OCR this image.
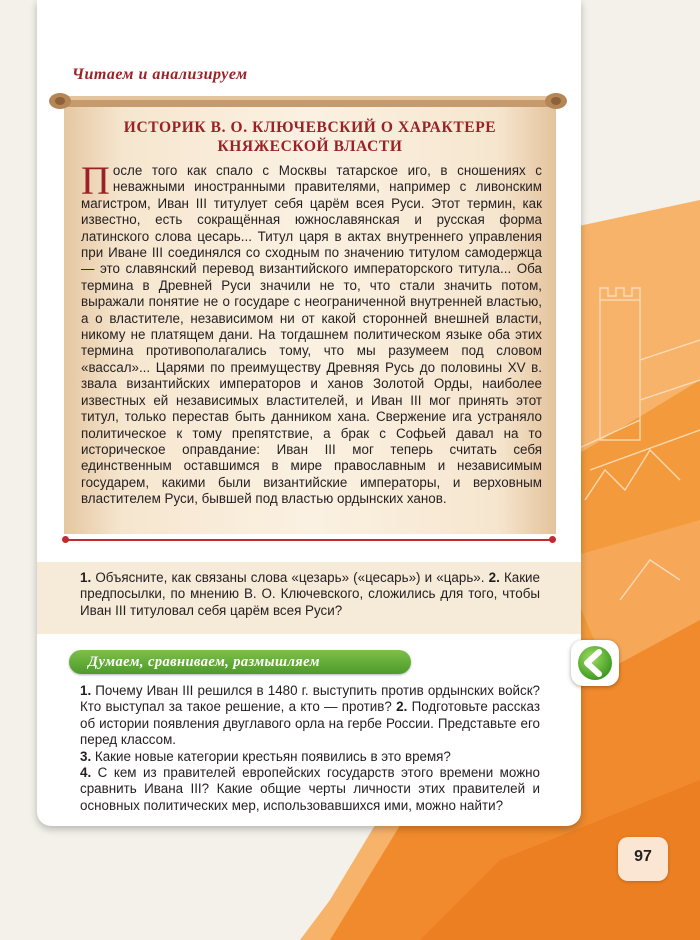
Читаем и анализируем
ИСТОРИК В. О. КЛЮЧЕВСКИЙ О ХАРАКТЕРЕ
КНЯЖЕСКОЙ ВЛАСТИ

После того как спало с Москвы татарское иго, в сношениях с неважными иностранными правителями, например с ливонским магистром, Иван III титулует себя царём всея Руси. Этот термин, как известно, есть сокращённая южнославянская и русская форма латинского слова цесарь... Титул царя в актах внутреннего управления при Иване III соединялся со сходным по значению титулом самодержца — это славянский перевод византийского императорского титула... Оба термина в Древней Руси значили не то, что стали значить потом, выражали понятие не о государе с неограниченной внутренней властью, а о властителе, независимом ни от какой сторонней внешней власти, никому не платящем дани. На тогдашнем политическом языке оба этих термина противополагались тому, что мы разумеем под словом «вассал»... Царями по преимуществу Древняя Русь до половины XV в. звала византийских императоров и ханов Золотой Орды, наиболее известных ей независимых властителей, и Иван III мог принять этот титул, только перестав быть данником хана. Свержение ига устраняло политическое к тому препятствие, а брак с Софьей давал на то историческое оправдание: Иван III мог теперь считать себя единственным оставшимся в мире православным и независимым государем, какими были византийские императоры, и верховным властителем Руси, бывшей под властью ордынских ханов.

1. Объясните, как связаны слова «цезарь» («цесарь») и «царь». 2. Какие предпосылки, по мнению В. О. Ключевского, сложились для того, чтобы Иван III титуловал себя царём всея Руси?

Думаем, сравниваем, размышляем

1. Почему Иван III решился в 1480 г. выступить против ордынских войск? Кто выступал за такое решение, а кто — против? 2. Подготовьте рассказ об истории появления двуглавого орла на гербе России. Представьте его перед классом.
3. Какие новые категории крестьян появились в это время?
4. С кем из правителей европейских государств этого времени можно сравнить Ивана III? Какие общие черты личности этих правителей и основных политических мер, использовавшихся ими, можно найти?

97
